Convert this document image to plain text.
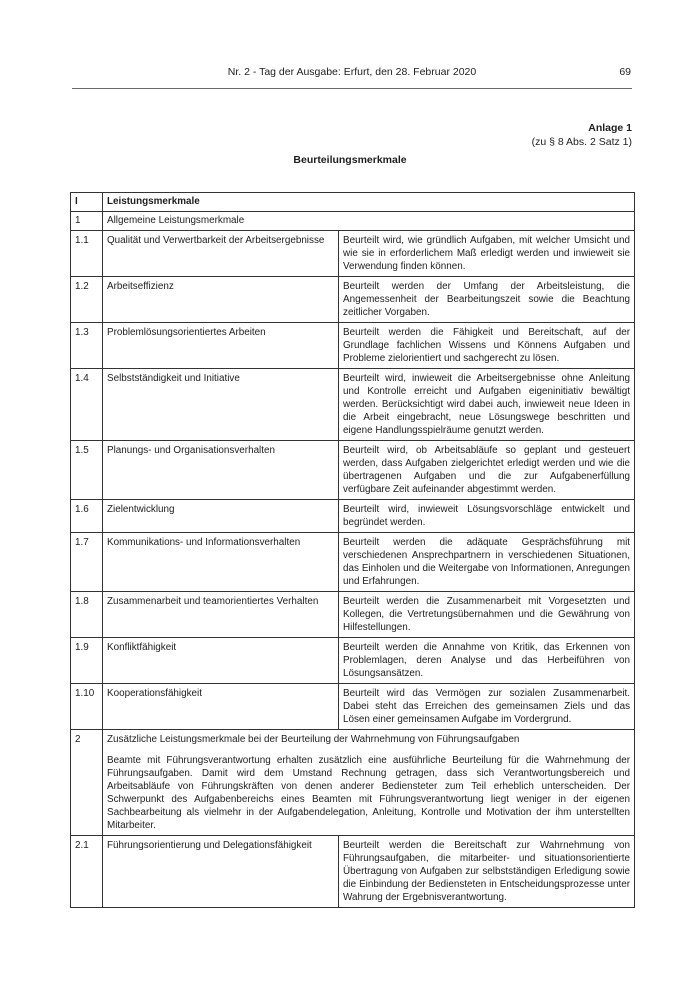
Nr. 2 - Tag der Ausgabe: Erfurt, den 28. Februar 2020	69
Anlage 1
(zu § 8 Abs. 2 Satz 1)
Beurteilungsmerkmale
I	Leistungsmerkmale	
1	Allgemeine Leistungsmerkmale	
1.1	Qualität und Verwertbarkeit der Arbeitsergebnisse	Beurteilt wird, wie gründlich Aufgaben, mit welcher Umsicht und wie sie in erforderlichem Maß erledigt werden und inwieweit sie Verwendung finden können.
1.2	Arbeitseffizienz	Beurteilt werden der Umfang der Arbeitsleistung, die Angemessenheit der Bearbeitungszeit sowie die Beachtung zeitlicher Vorgaben.
1.3	Problemlösungsorientiertes Arbeiten	Beurteilt werden die Fähigkeit und Bereitschaft, auf der Grundlage fachlichen Wissens und Könnens Aufgaben und Probleme zielorientiert und sachgerecht zu lösen.
1.4	Selbstständigkeit und Initiative	Beurteilt wird, inwieweit die Arbeitsergebnisse ohne Anleitung und Kontrolle erreicht und Aufgaben eigeninitiativ bewältigt werden. Berücksichtigt wird dabei auch, inwieweit neue Ideen in die Arbeit eingebracht, neue Lösungswege beschritten und eigene Handlungsspielräume genutzt werden.
1.5	Planungs- und Organisationsverhalten	Beurteilt wird, ob Arbeitsabläufe so geplant und gesteuert werden, dass Aufgaben zielgerichtet erledigt werden und wie die übertragenen Aufgaben und die zur Aufgabenerfüllung verfügbare Zeit aufeinander abgestimmt werden.
1.6	Zielentwicklung	Beurteilt wird, inwieweit Lösungsvorschläge entwickelt und begründet werden.
1.7	Kommunikations- und Informationsverhalten	Beurteilt werden die adäquate Gesprächsführung mit verschiedenen Ansprechpartnern in verschiedenen Situationen, das Einholen und die Weitergabe von Informationen, Anregungen und Erfahrungen.
1.8	Zusammenarbeit und teamorientiertes Verhalten	Beurteilt werden die Zusammenarbeit mit Vorgesetzten und Kollegen, die Vertretungsübernahmen und die Gewährung von Hilfestellungen.
1.9	Konfliktfähigkeit	Beurteilt werden die Annahme von Kritik, das Erkennen von Problemlagen, deren Analyse und das Herbeiführen von Lösungsansätzen.
1.10	Kooperationsfähigkeit	Beurteilt wird das Vermögen zur sozialen Zusammenarbeit. Dabei steht das Erreichen des gemeinsamen Ziels und das Lösen einer gemeinsamen Aufgabe im Vordergrund.
2	Zusätzliche Leistungsmerkmale bei der Beurteilung der Wahrnehmung von Führungsaufgaben
Beamte mit Führungsverantwortung erhalten zusätzlich eine ausführliche Beurteilung für die Wahrnehmung der Führungsaufgaben. Damit wird dem Umstand Rechnung getragen, dass sich Verantwortungsbereich und Arbeitsabläufe von Führungskräften von denen anderer Bediensteter zum Teil erheblich unterscheiden. Der Schwerpunkt des Aufgabenbereichs eines Beamten mit Führungsverantwortung liegt weniger in der eigenen Sachbearbeitung als vielmehr in der Aufgabendelegation, Anleitung, Kontrolle und Motivation der ihm unterstellten Mitarbeiter.	

2.1	Führungsorientierung und Delegationsfähigkeit	Beurteilt werden die Bereitschaft zur Wahrnehmung von Führungsaufgaben, die mitarbeiter- und situationsorientierte Übertragung von Aufgaben zur selbstständigen Erledigung sowie die Einbindung der Bediensteten in Entscheidungsprozesse unter Wahrung der Ergebnisverantwortung.
